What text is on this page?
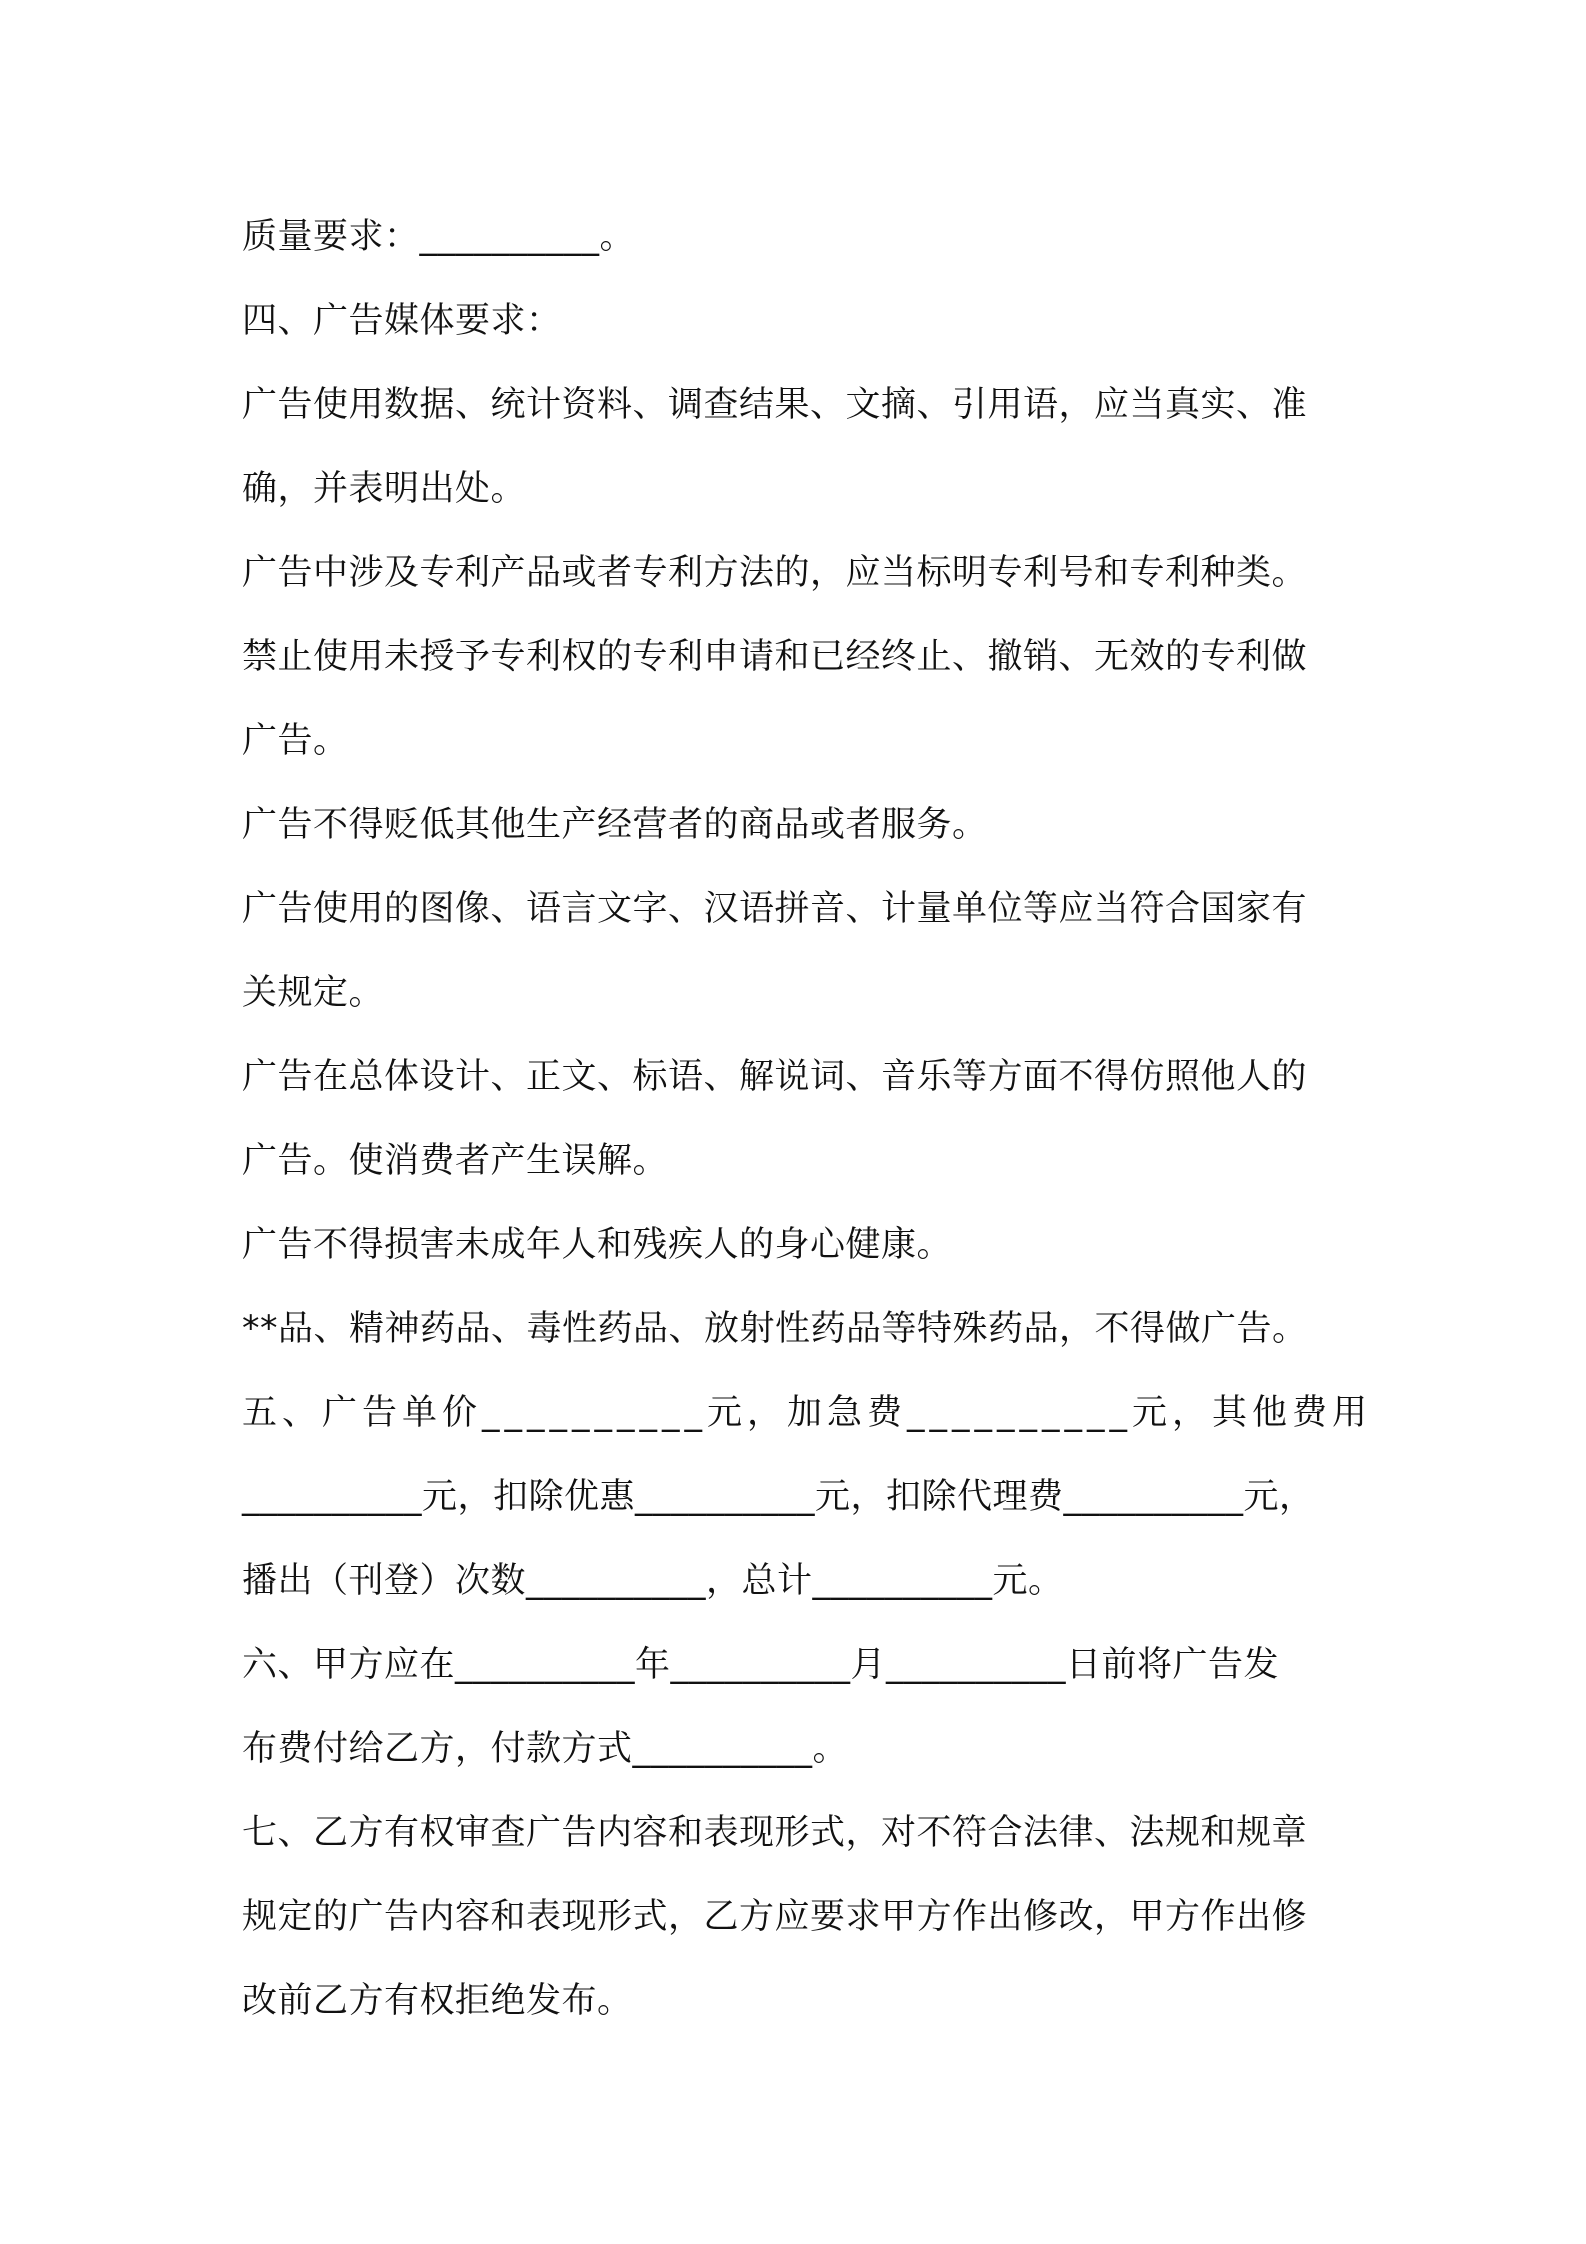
质量要求：__________。
四、广告媒体要求：
广告使用数据、统计资料、调查结果、文摘、引用语，应当真实、准
确，并表明出处。
广告中涉及专利产品或者专利方法的，应当标明专利号和专利种类。
禁止使用未授予专利权的专利申请和已经终止、撤销、无效的专利做
广告。
广告不得贬低其他生产经营者的商品或者服务。
广告使用的图像、语言文字、汉语拼音、计量单位等应当符合国家有
关规定。
广告在总体设计、正文、标语、解说词、音乐等方面不得仿照他人的
广告。使消费者产生误解。
广告不得损害未成年人和残疾人的身心健康。
**品、精神药品、毒性药品、放射性药品等特殊药品，不得做广告。
五、广告单价__________元，加急费__________元，其他费用
__________元，扣除优惠__________元，扣除代理费__________元，
播出（刊登）次数__________，总计__________元。
六、甲方应在__________年__________月__________日前将广告发
布费付给乙方，付款方式__________。
七、乙方有权审查广告内容和表现形式，对不符合法律、法规和规章
规定的广告内容和表现形式，乙方应要求甲方作出修改，甲方作出修
改前乙方有权拒绝发布。
